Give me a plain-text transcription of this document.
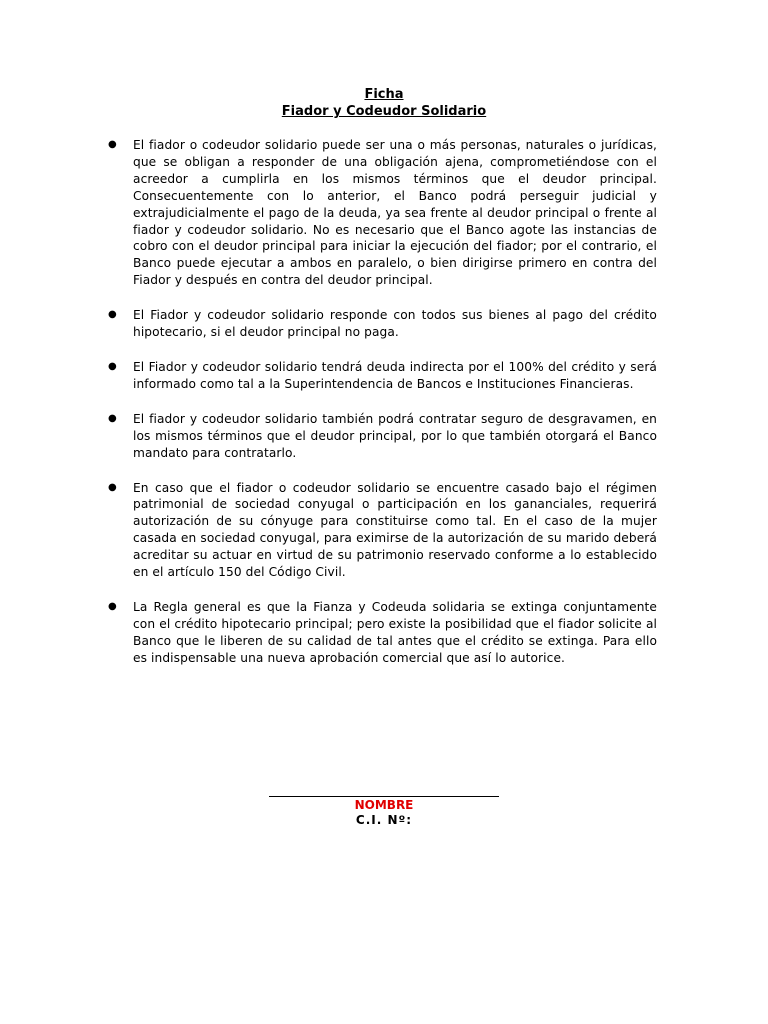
Ficha
Fiador y Codeudor Solidario
● El fiador o codeudor solidario puede ser una o más personas, naturales o jurídicas, que se obligan a responder de una obligación ajena, comprometiéndose con el acreedor a cumplirla en los mismos términos que el deudor principal. Consecuentemente con lo anterior, el Banco podrá perseguir judicial y extrajudicialmente el pago de la deuda, ya sea frente al deudor principal o frente al fiador y codeudor solidario. No es necesario que el Banco agote las instancias de cobro con el deudor principal para iniciar la ejecución del fiador; por el contrario, el Banco puede ejecutar a ambos en paralelo, o bien dirigirse primero en contra del Fiador y después en contra del deudor principal.
● El Fiador y codeudor solidario responde con todos sus bienes al pago del crédito hipotecario, si el deudor principal no paga.
● El Fiador y codeudor solidario tendrá deuda indirecta por el 100% del crédito y será informado como tal a la Superintendencia de Bancos e Instituciones Financieras.
● El fiador y codeudor solidario también podrá contratar seguro de desgravamen, en los mismos términos que el deudor principal, por lo que también otorgará el Banco mandato para contratarlo.
● En caso que el fiador o codeudor solidario se encuentre casado bajo el régimen patrimonial de sociedad conyugal o participación en los gananciales, requerirá autorización de su cónyuge para constituirse como tal. En el caso de la mujer casada en sociedad conyugal, para eximirse de la autorización de su marido deberá acreditar su actuar en virtud de su patrimonio reservado conforme a lo establecido en el artículo 150 del Código Civil.
● La Regla general es que la Fianza y Codeuda solidaria se extinga conjuntamente con el crédito hipotecario principal; pero existe la posibilidad que el fiador solicite al Banco que le liberen de su calidad de tal antes que el crédito se extinga. Para ello es indispensable una nueva aprobación comercial que así lo autorice.
NOMBRE
C.I. Nº:
